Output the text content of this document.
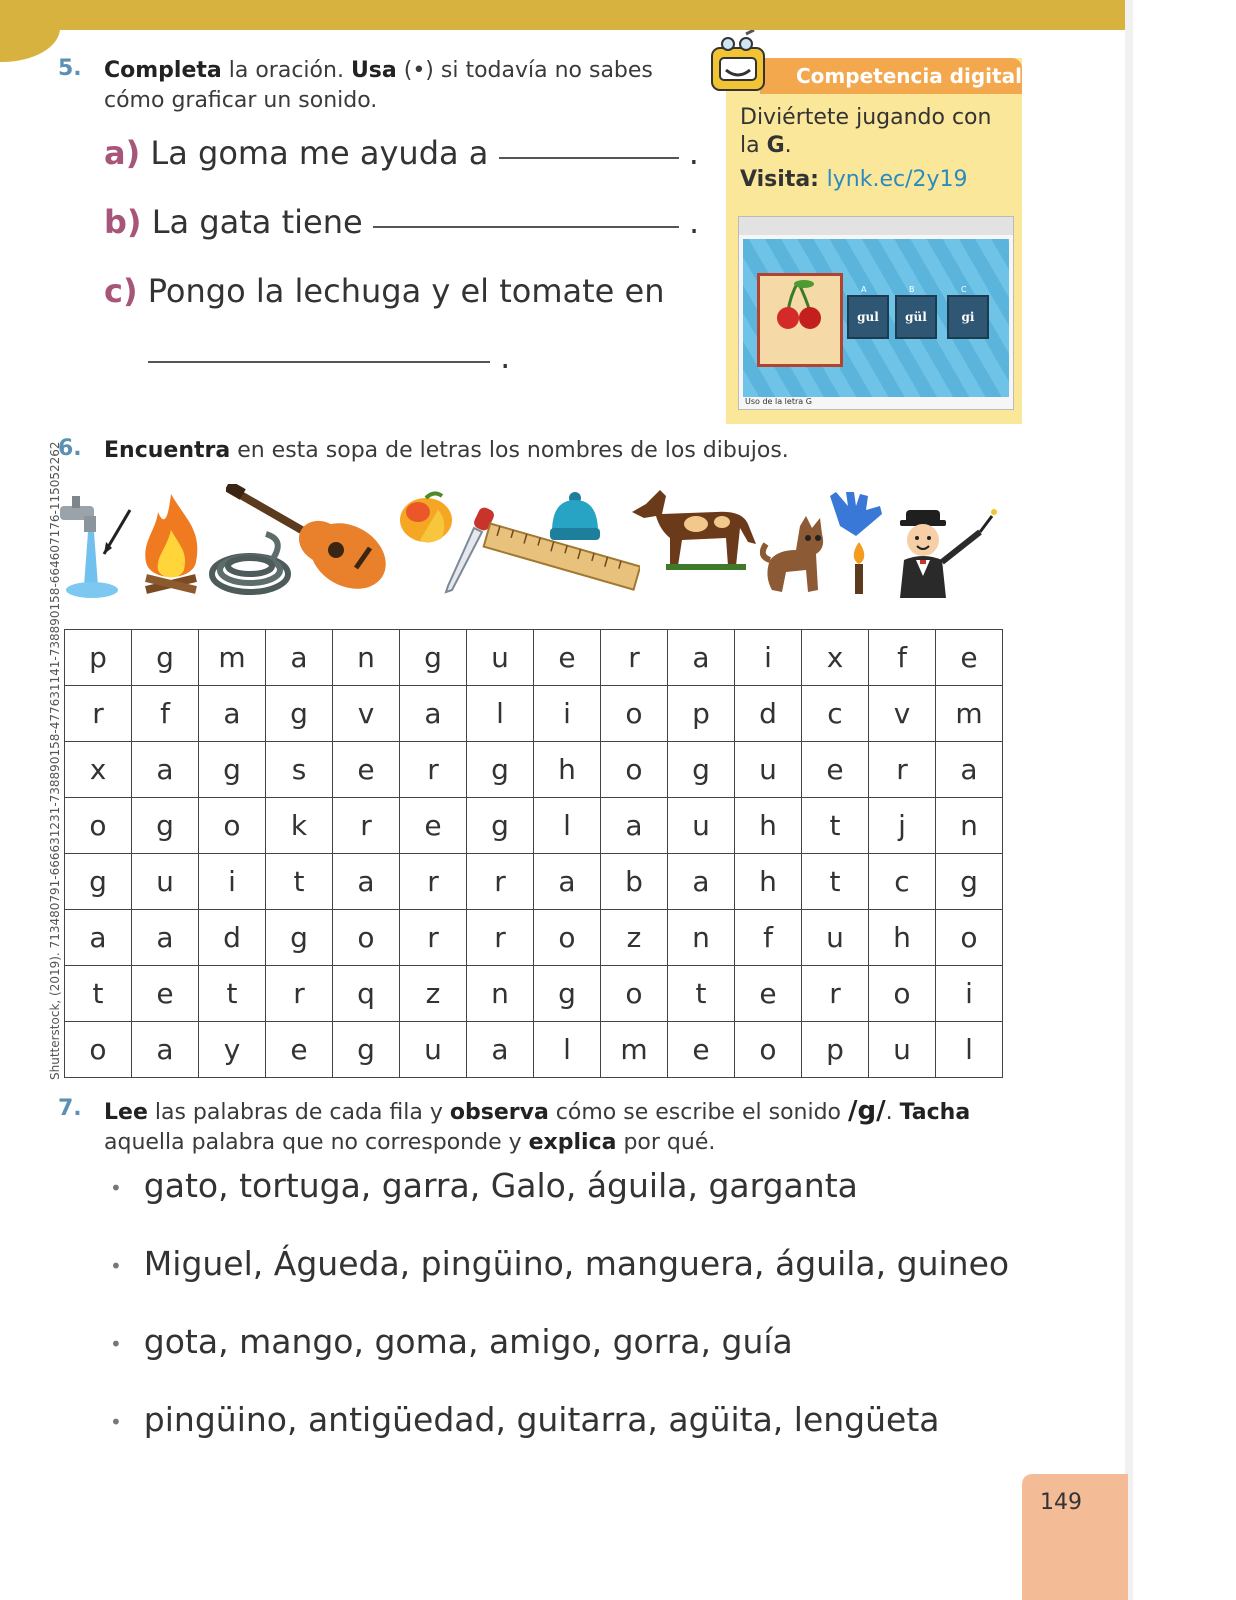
5. Completa la oración. Usa (•) si todavía no sabes
cómo graficar un sonido.
a) La goma me ayuda a	.
b) La gata tiene	.
c) Pongo la lechuga y el tomate en
.
Competencia digital
Diviértete jugando con
la G.
Visita: lynk.ec/2y19
gul	gül	gi
A	B	C
Uso de la letra G
6. Encuentra en esta sopa de letras los nombres de los dibujos.
p	g	m	a	n	g	u	e	r	a	i	x	f	e
r	f	a	g	v	a	l	i	o	p	d	c	v	m
x	a	g	s	e	r	g	h	o	g	u	e	r	a
o	g	o	k	r	e	g	l	a	u	h	t	j	n
g	u	i	t	a	r	r	a	b	a	h	t	c	g
a	a	d	g	o	r	r	o	z	n	f	u	h	o
t	e	t	r	q	z	n	g	o	t	e	r	o	i
o	a	y	e	g	u	a	l	m	e	o	p	u	l
Shutterstock, (2019). 713480791-666631231-738890158-477631141-738890158-664607176-115052262
7. Lee las palabras de cada fila y observa cómo se escribe el sonido /g/. Tacha
aquella palabra que no corresponde y explica por qué.
• gato, tortuga, garra, Galo, águila, garganta
• Miguel, Águeda, pingüino, manguera, águila, guineo
• gota, mango, goma, amigo, gorra, guía
• pingüino, antigüedad, guitarra, agüita, lengüeta
149
